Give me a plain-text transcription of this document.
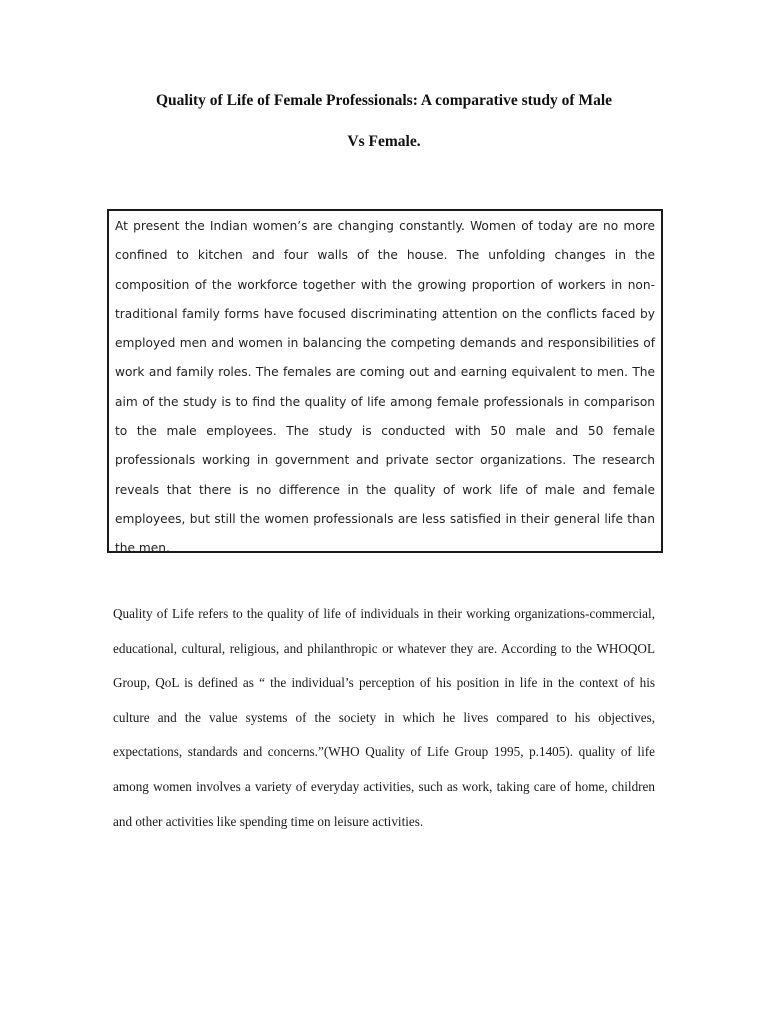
Quality of Life of Female Professionals: A comparative study of Male
Vs Female.
At present the Indian women’s are changing constantly. Women of today are no more confined to kitchen and four walls of the house. The unfolding changes in the composition of the workforce together with the growing proportion of workers in non-traditional family forms have focused discriminating attention on the conflicts faced by employed men and women in balancing the competing demands and responsibilities of work and family roles. The females are coming out and earning equivalent to men. The aim of the study is to find the quality of life among female professionals in comparison to the male employees. The study is conducted with 50 male and 50 female professionals working in government and private sector organizations. The research reveals that there is no difference in the quality of work life of male and female employees, but still the women professionals are less satisfied in their general life than the men.
Quality of Life refers to the quality of life of individuals in their working organizations-commercial, educational, cultural, religious, and philanthropic or whatever they are. According to the WHOQOL Group, QoL is defined as “ the individual’s perception of his position in life in the context of his culture and the value systems of the society in which he lives compared to his objectives, expectations, standards and concerns.”(WHO Quality of Life Group 1995, p.1405). quality of life among women involves a variety of everyday activities, such as work, taking care of home, children and other activities like spending time on leisure activities.
